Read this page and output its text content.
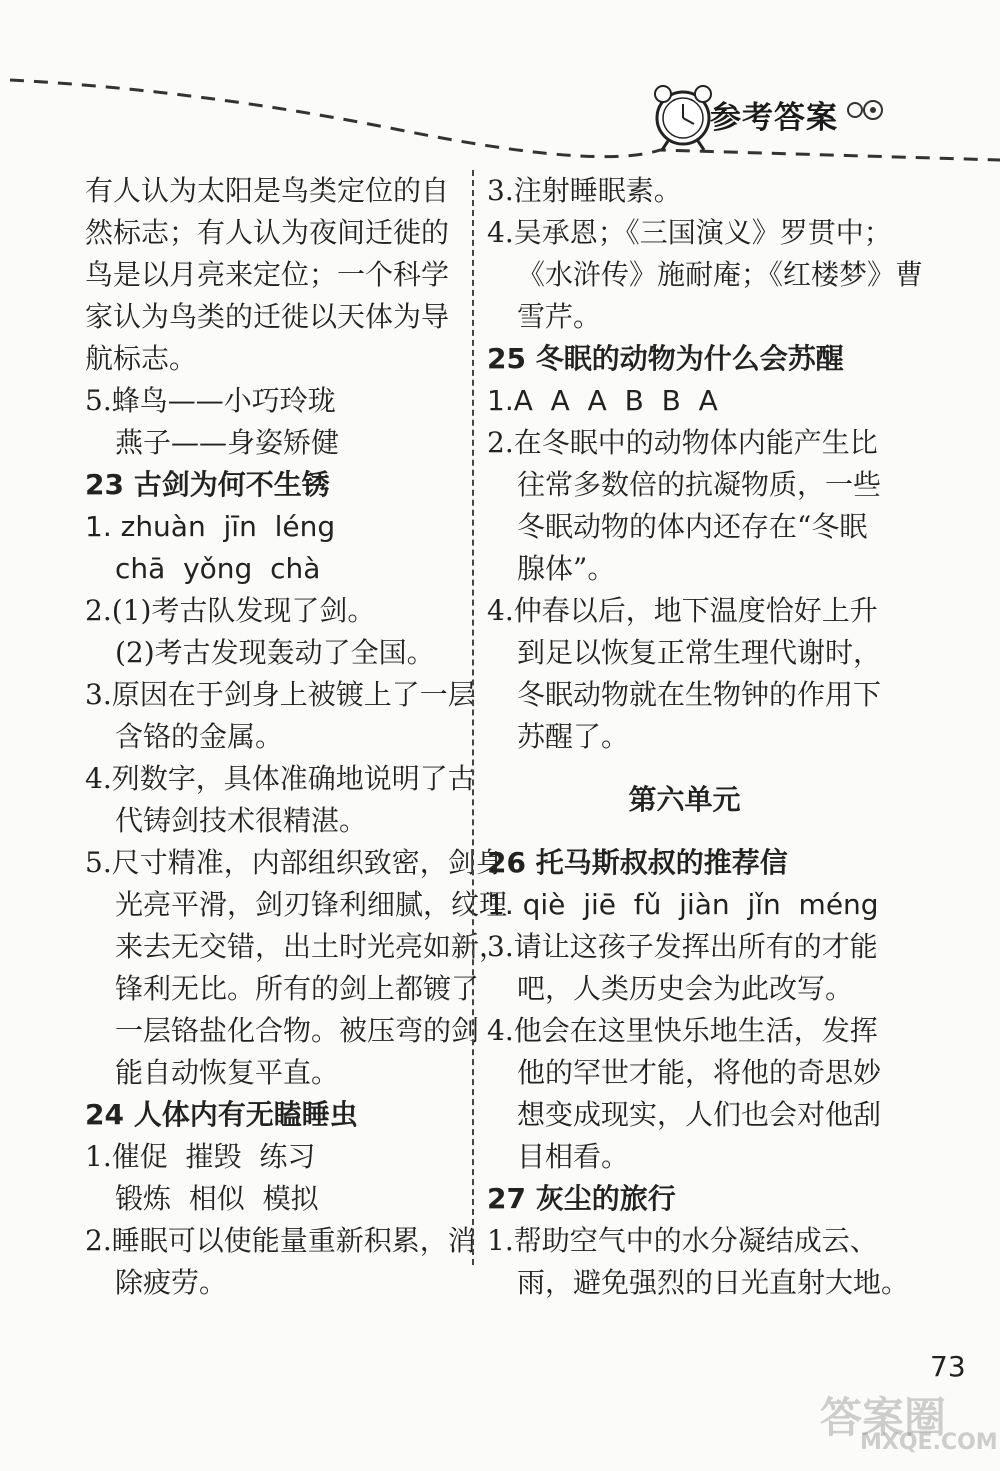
参考答案
有人认为太阳是鸟类定位的自
然标志；有人认为夜间迁徙的
鸟是以月亮来定位；一个科学
家认为鸟类的迁徙以天体为导
航标志。
5.蜂鸟——小巧玲珑
燕子——身姿矫健
23 古剑为何不生锈
1. zhuàn  jīn  léng
chā  yǒng  chà
2.(1)考古队发现了剑。
(2)考古发现轰动了全国。
3.原因在于剑身上被镀上了一层
含铬的金属。
4.列数字，具体准确地说明了古
代铸剑技术很精湛。
5.尺寸精准，内部组织致密，剑身
光亮平滑，剑刃锋利细腻，纹理
来去无交错，出土时光亮如新，
锋利无比。所有的剑上都镀了
一层铬盐化合物。被压弯的剑
能自动恢复平直。
24 人体内有无瞌睡虫
1.催促  摧毁  练习
锻炼  相似  模拟
2.睡眠可以使能量重新积累，消
除疲劳。
3.注射睡眠素。
4.吴承恩；《三国演义》罗贯中；
《水浒传》施耐庵；《红楼梦》曹
雪芹。
25 冬眠的动物为什么会苏醒
1.A  A  A  B  B  A
2.在冬眠中的动物体内能产生比
往常多数倍的抗凝物质，一些
冬眠动物的体内还存在“冬眠
腺体”。
4.仲春以后，地下温度恰好上升
到足以恢复正常生理代谢时，
冬眠动物就在生物钟的作用下
苏醒了。
第六单元
26 托马斯叔叔的推荐信
1. qiè  jiē  fǔ  jiàn  jǐn  méng
3.请让这孩子发挥出所有的才能
吧，人类历史会为此改写。
4.他会在这里快乐地生活，发挥
他的罕世才能，将他的奇思妙
想变成现实，人们也会对他刮
目相看。
27 灰尘的旅行
1.帮助空气中的水分凝结成云、
雨，避免强烈的日光直射大地。
73
答案圈
MXQE.COM
